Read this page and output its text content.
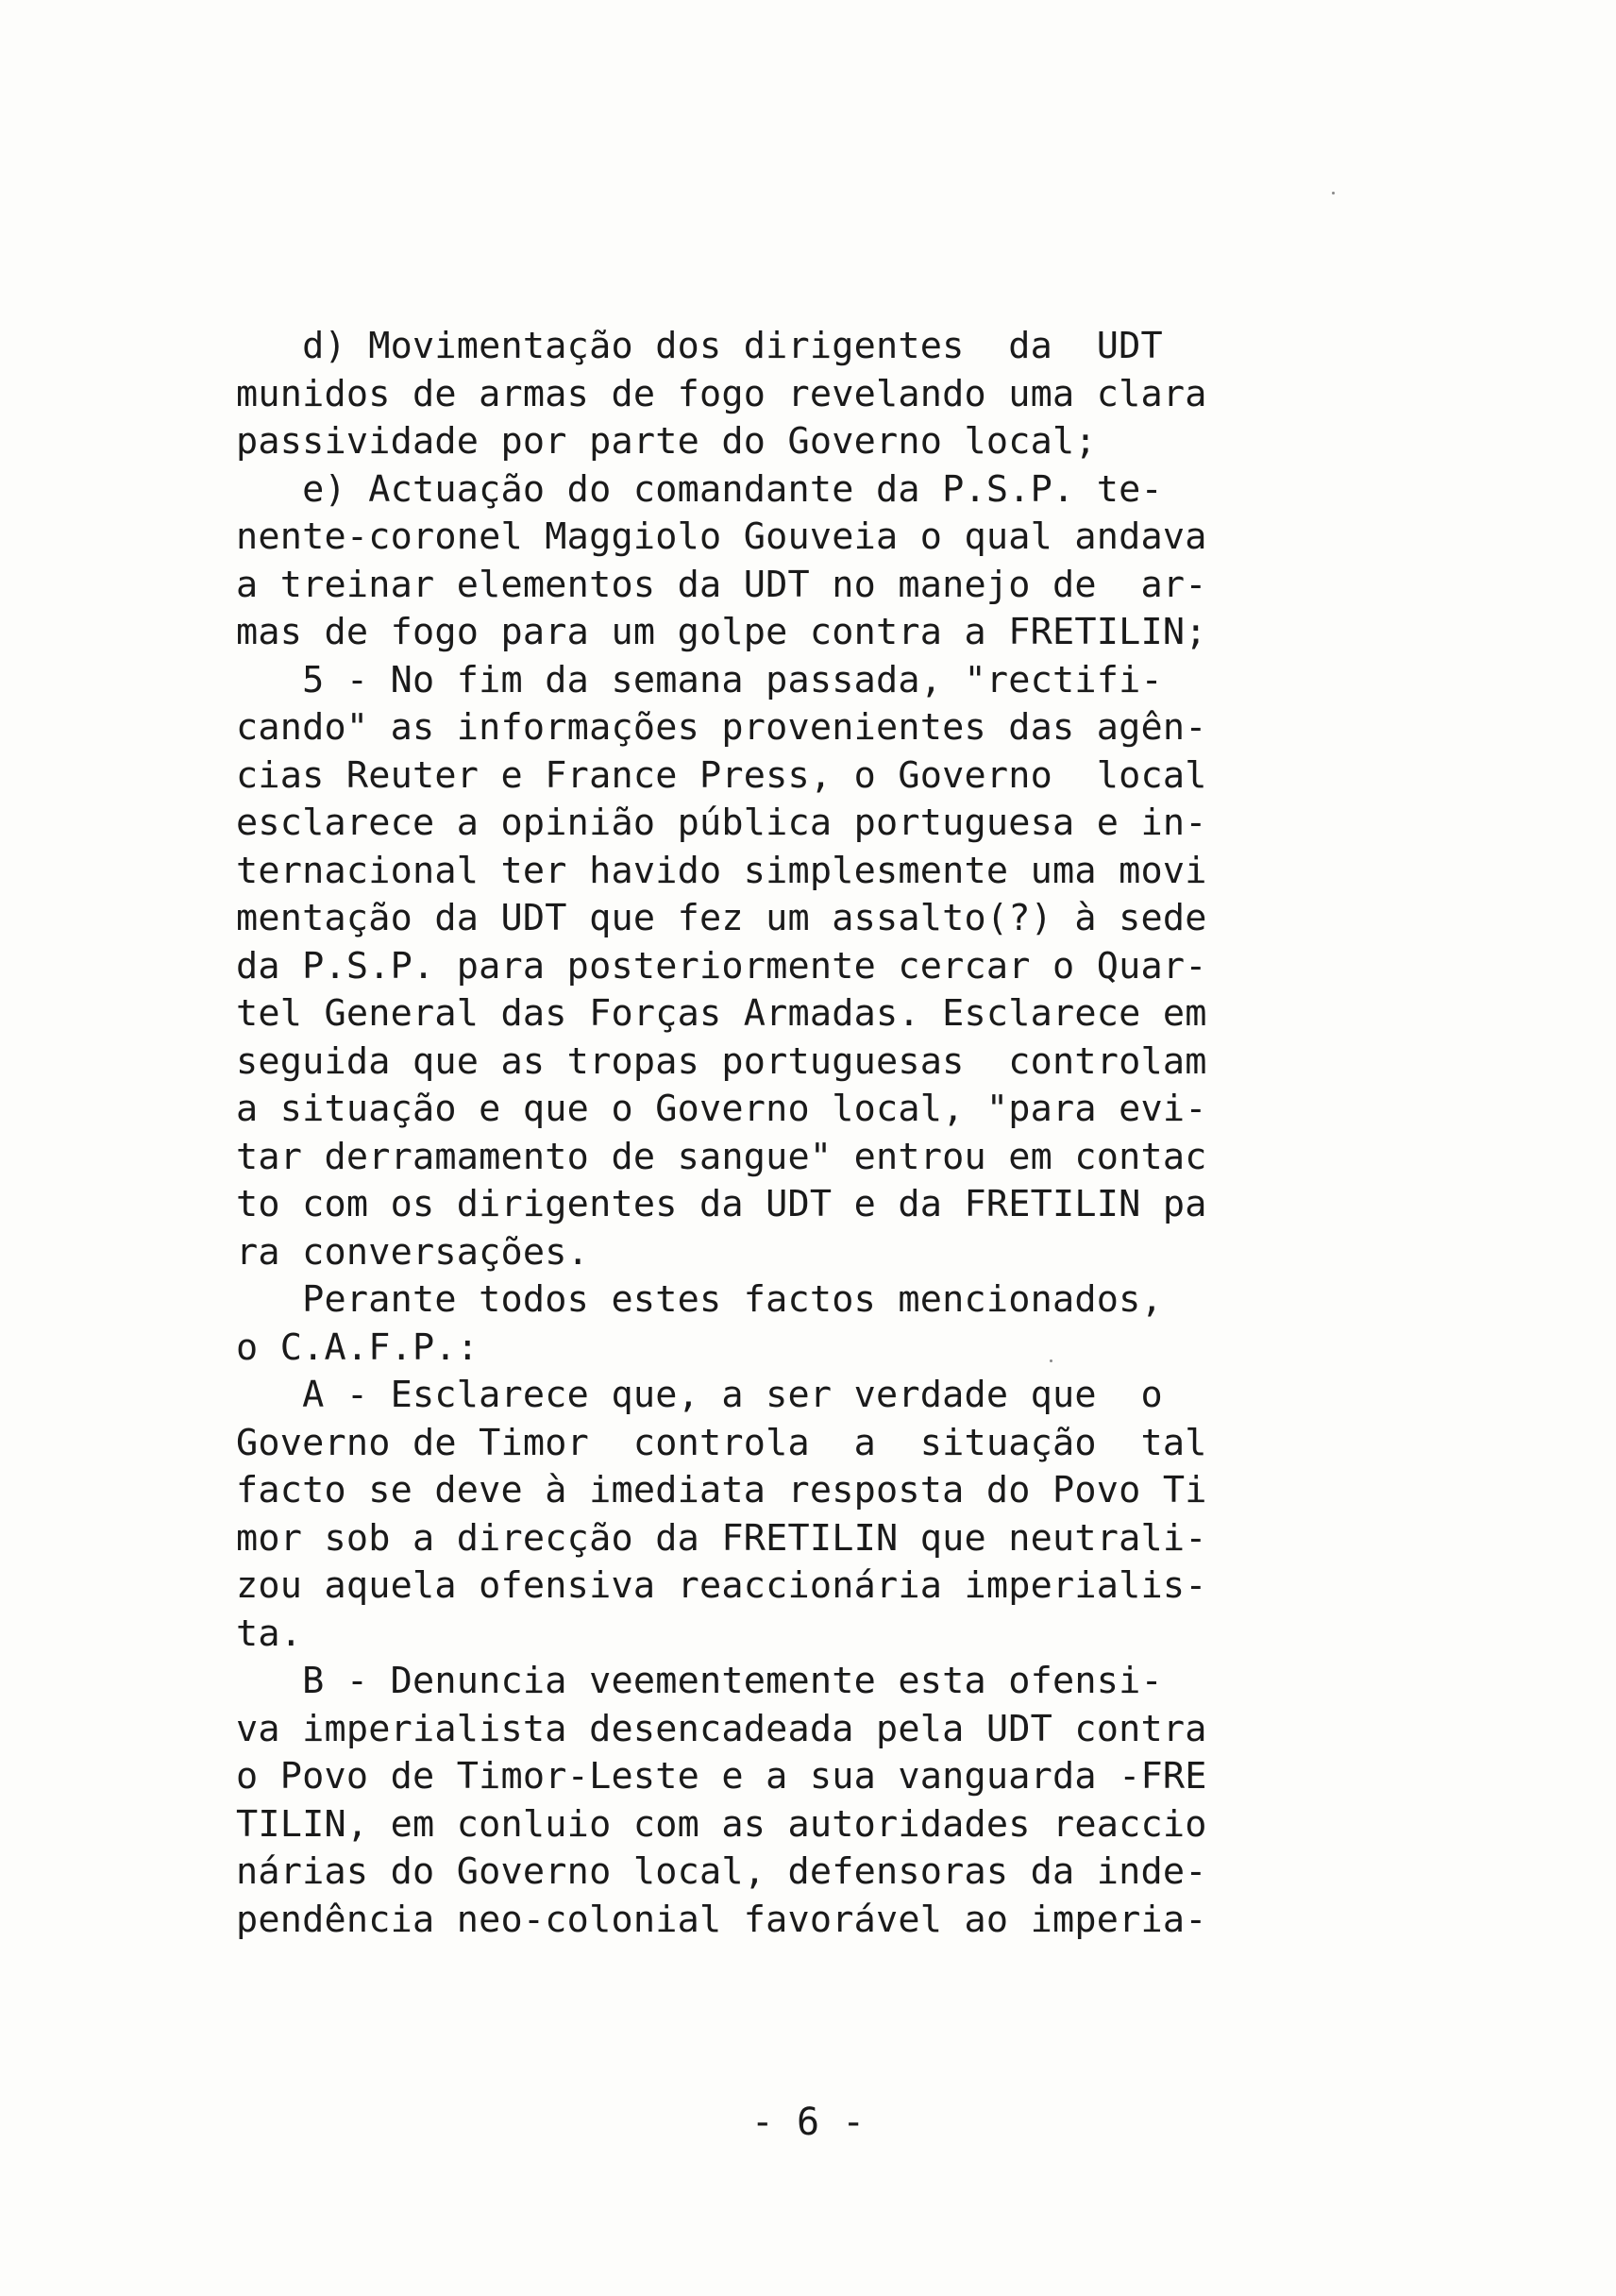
d) Movimentação dos dirigentes  da  UDT
munidos de armas de fogo revelando uma clara
passividade por parte do Governo local;
e) Actuação do comandante da P.S.P. te-
nente-coronel Maggiolo Gouveia o qual andava
a treinar elementos da UDT no manejo de  ar-
mas de fogo para um golpe contra a FRETILIN;
5 - No fim da semana passada, "rectifi-
cando" as informações provenientes das agên-
cias Reuter e France Press, o Governo  local
esclarece a opinião pública portuguesa e in-
ternacional ter havido simplesmente uma movi
mentação da UDT que fez um assalto(?) à sede
da P.S.P. para posteriormente cercar o Quar-
tel General das Forças Armadas. Esclarece em
seguida que as tropas portuguesas  controlam
a situação e que o Governo local, "para evi-
tar derramamento de sangue" entrou em contac
to com os dirigentes da UDT e da FRETILIN pa
ra conversações.
Perante todos estes factos mencionados,
o C.A.F.P.:
A - Esclarece que, a ser verdade que  o
Governo de Timor  controla  a  situação  tal
facto se deve à imediata resposta do Povo Ti
mor sob a direcção da FRETILIN que neutrali-
zou aquela ofensiva reaccionária imperialis-
ta.
B - Denuncia veementemente esta ofensi-
va imperialista desencadeada pela UDT contra
o Povo de Timor-Leste e a sua vanguarda -FRE
TILIN, em conluio com as autoridades reaccio
nárias do Governo local, defensoras da inde-
pendência neo-colonial favorável ao imperia-
- 6 -
